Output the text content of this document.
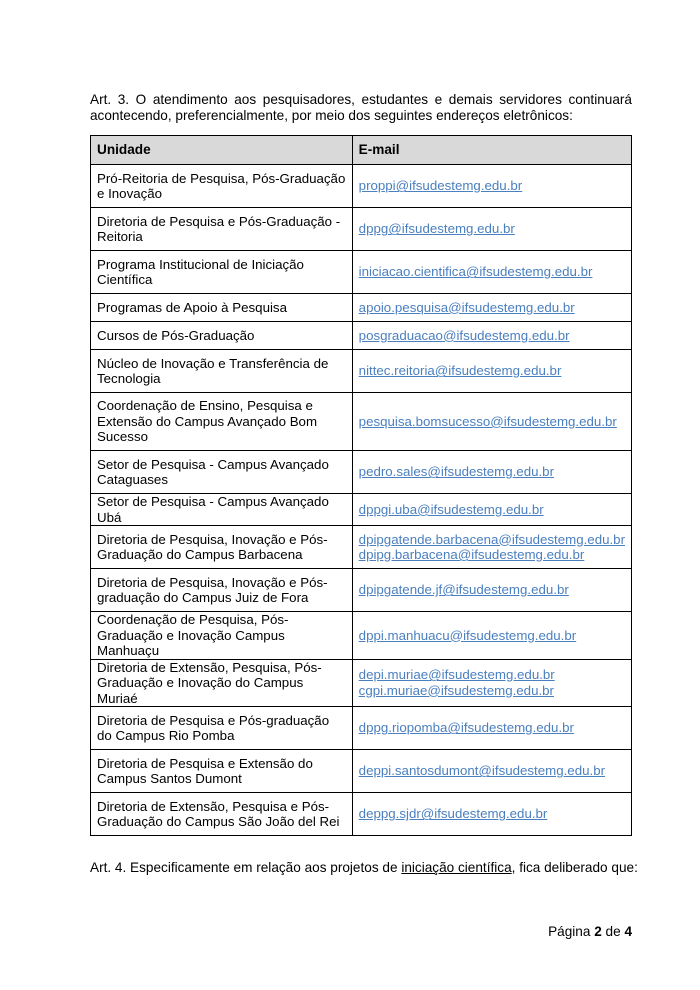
Art. 3. O atendimento aos pesquisadores, estudantes e demais servidores continuará acontecendo, preferencialmente, por meio dos seguintes endereços eletrônicos:

Unidade	E-mail
Pró-Reitoria de Pesquisa, Pós-Graduação e Inovação	proppi@ifsudestemg.edu.br

Diretoria de Pesquisa e Pós-Graduação - Reitoria	dppg@ifsudestemg.edu.br

Programa Institucional de Iniciação Científica	iniciacao.cientifica@ifsudestemg.edu.br

Programas de Apoio à Pesquisa	apoio.pesquisa@ifsudestemg.edu.br

Cursos de Pós-Graduação	posgraduacao@ifsudestemg.edu.br

Núcleo de Inovação e Transferência de Tecnologia	nittec.reitoria@ifsudestemg.edu.br

Coordenação de Ensino, Pesquisa e Extensão do Campus Avançado Bom Sucesso	pesquisa.bomsucesso@ifsudestemg.edu.br

Setor de Pesquisa - Campus Avançado Cataguases	pedro.sales@ifsudestemg.edu.br

Setor de Pesquisa - Campus Avançado Ubá	dppgi.uba@ifsudestemg.edu.br

Diretoria de Pesquisa, Inovação e Pós-Graduação do Campus Barbacena	dpipgatende.barbacena@ifsudestemg.edu.br
dpipg.barbacena@ifsudestemg.edu.br

Diretoria de Pesquisa, Inovação e Pós-graduação do Campus Juiz de Fora	dpipgatende.jf@ifsudestemg.edu.br

Coordenação de Pesquisa, Pós-Graduação e Inovação Campus Manhuaçu	dppi.manhuacu@ifsudestemg.edu.br

Diretoria de Extensão, Pesquisa, Pós-Graduação e Inovação do Campus Muriaé	depi.muriae@ifsudestemg.edu.br
cgpi.muriae@ifsudestemg.edu.br

Diretoria de Pesquisa e Pós-graduação do Campus Rio Pomba	dppg.riopomba@ifsudestemg.edu.br

Diretoria de Pesquisa e Extensão do Campus Santos Dumont	deppi.santosdumont@ifsudestemg.edu.br

Diretoria de Extensão, Pesquisa e Pós-Graduação do Campus São João del Rei	deppg.sjdr@ifsudestemg.edu.br

Art. 4. Especificamente em relação aos projetos de iniciação científica, fica deliberado que:

Página 2 de 4
